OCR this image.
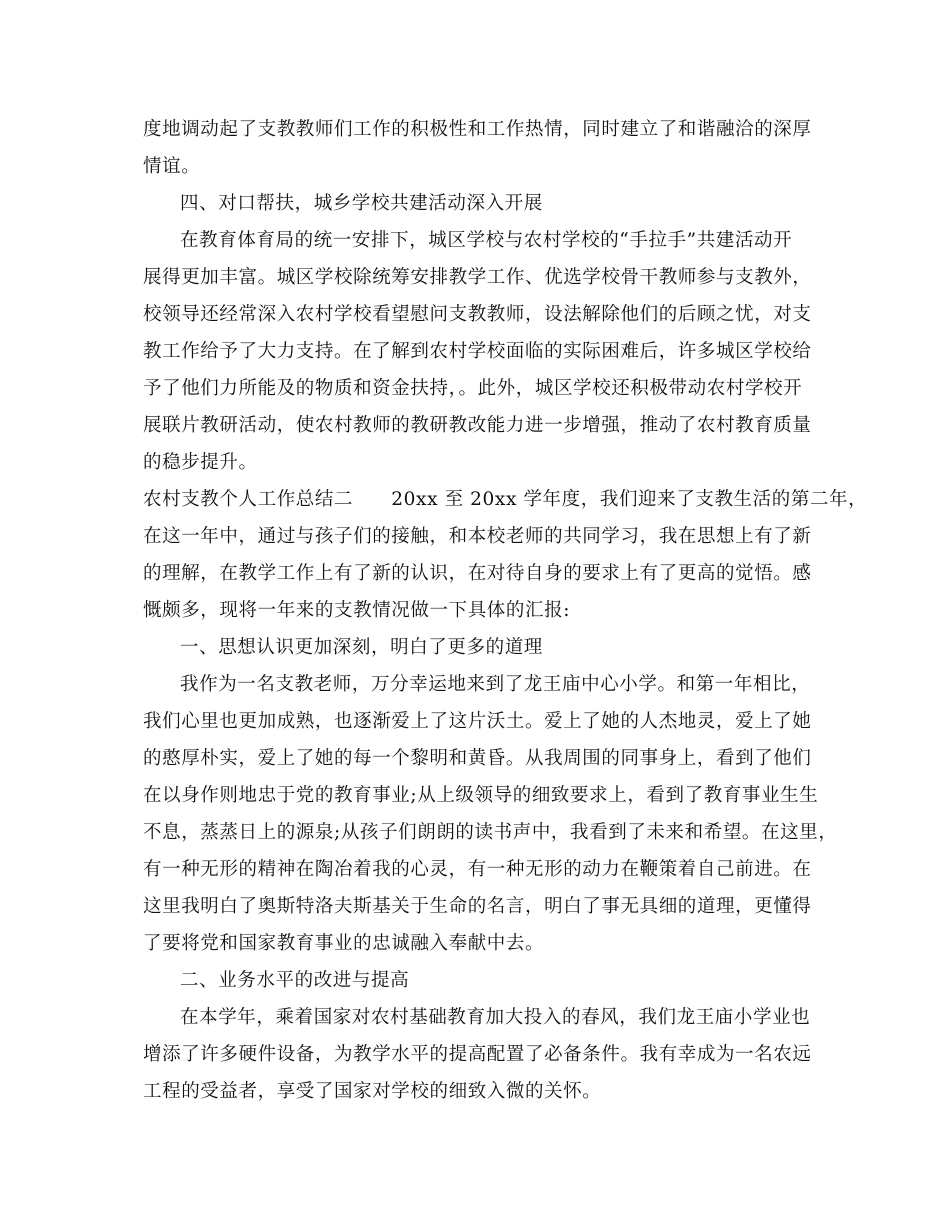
度地调动起了支教教师们工作的积极性和工作热情，同时建立了和谐融洽的深厚
情谊。
四、对口帮扶，城乡学校共建活动深入开展
在教育体育局的统一安排下，城区学校与农村学校的“手拉手”共建活动开
展得更加丰富。城区学校除统筹安排教学工作、优选学校骨干教师参与支教外，
校领导还经常深入农村学校看望慰问支教教师，设法解除他们的后顾之忧，对支
教工作给予了大力支持。在了解到农村学校面临的实际困难后，许多城区学校给
予了他们力所能及的物质和资金扶持，。此外，城区学校还积极带动农村学校开
展联片教研活动，使农村教师的教研教改能力进一步增强，推动了农村教育质量
的稳步提升。
农村支教个人工作总结二　　20xx 至 20xx 学年度，我们迎来了支教生活的第二年，
在这一年中，通过与孩子们的接触，和本校老师的共同学习，我在思想上有了新
的理解，在教学工作上有了新的认识，在对待自身的要求上有了更高的觉悟。感
慨颇多，现将一年来的支教情况做一下具体的汇报:
一、思想认识更加深刻，明白了更多的道理
我作为一名支教老师，万分幸运地来到了龙王庙中心小学。和第一年相比，
我们心里也更加成熟，也逐渐爱上了这片沃土。爱上了她的人杰地灵，爱上了她
的憨厚朴实，爱上了她的每一个黎明和黄昏。从我周围的同事身上，看到了他们
在以身作则地忠于党的教育事业;从上级领导的细致要求上，看到了教育事业生生
不息，蒸蒸日上的源泉;从孩子们朗朗的读书声中，我看到了未来和希望。在这里，
有一种无形的精神在陶冶着我的心灵，有一种无形的动力在鞭策着自己前进。在
这里我明白了奥斯特洛夫斯基关于生命的名言，明白了事无具细的道理，更懂得
了要将党和国家教育事业的忠诚融入奉献中去。
二、业务水平的改进与提高
在本学年，乘着国家对农村基础教育加大投入的春风，我们龙王庙小学业也
增添了许多硬件设备，为教学水平的提高配置了必备条件。我有幸成为一名农远
工程的受益者，享受了国家对学校的细致入微的关怀。
